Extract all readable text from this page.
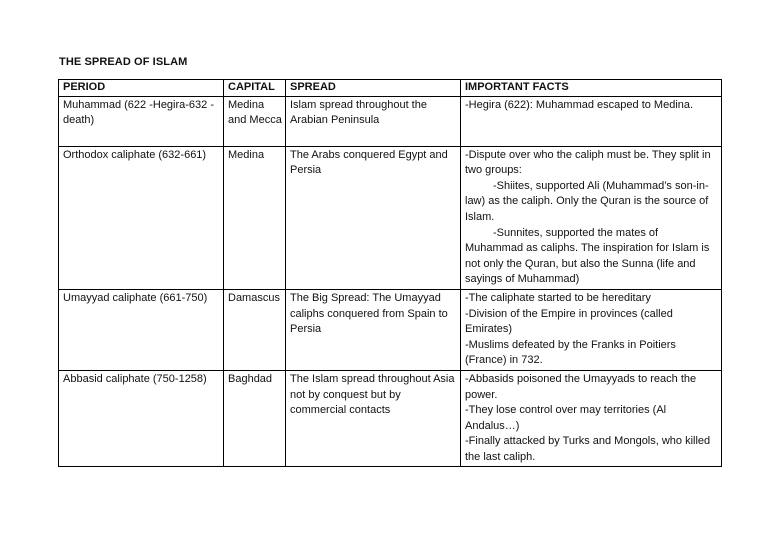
THE SPREAD OF ISLAM
PERIOD	CAPITAL	SPREAD	IMPORTANT FACTS
Muhammad (622 -Hegira-632 -death)	Medina and Mecca	Islam spread throughout the Arabian Peninsula	-Hegira (622): Muhammad escaped to Medina.

Orthodox caliphate (632-661)	Medina	The Arabs conquered Egypt and Persia	-Dispute over who the caliph must be. They split in two groups:
-Shiites, supported Ali (Muhammad’s son-in-law) as the caliph. Only the Quran is the source of Islam.
-Sunnites, supported the mates of Muhammad as caliphs. The inspiration for Islam is not only the Quran, but also the Sunna (life and sayings of Muhammad)

Umayyad caliphate (661-750)	Damascus	The Big Spread: The Umayyad caliphs conquered from Spain to Persia	-The caliphate started to be hereditary
-Division of the Empire in provinces (called Emirates)
-Muslims defeated by the Franks in Poitiers (France) in 732.

Abbasid caliphate (750-1258)	Baghdad	The Islam spread throughout Asia not by conquest but by commercial contacts	-Abbasids poisoned the Umayyads to reach the power.
-They lose control over may territories (Al Andalus…)
-Finally attacked by Turks and Mongols, who killed the last caliph.
